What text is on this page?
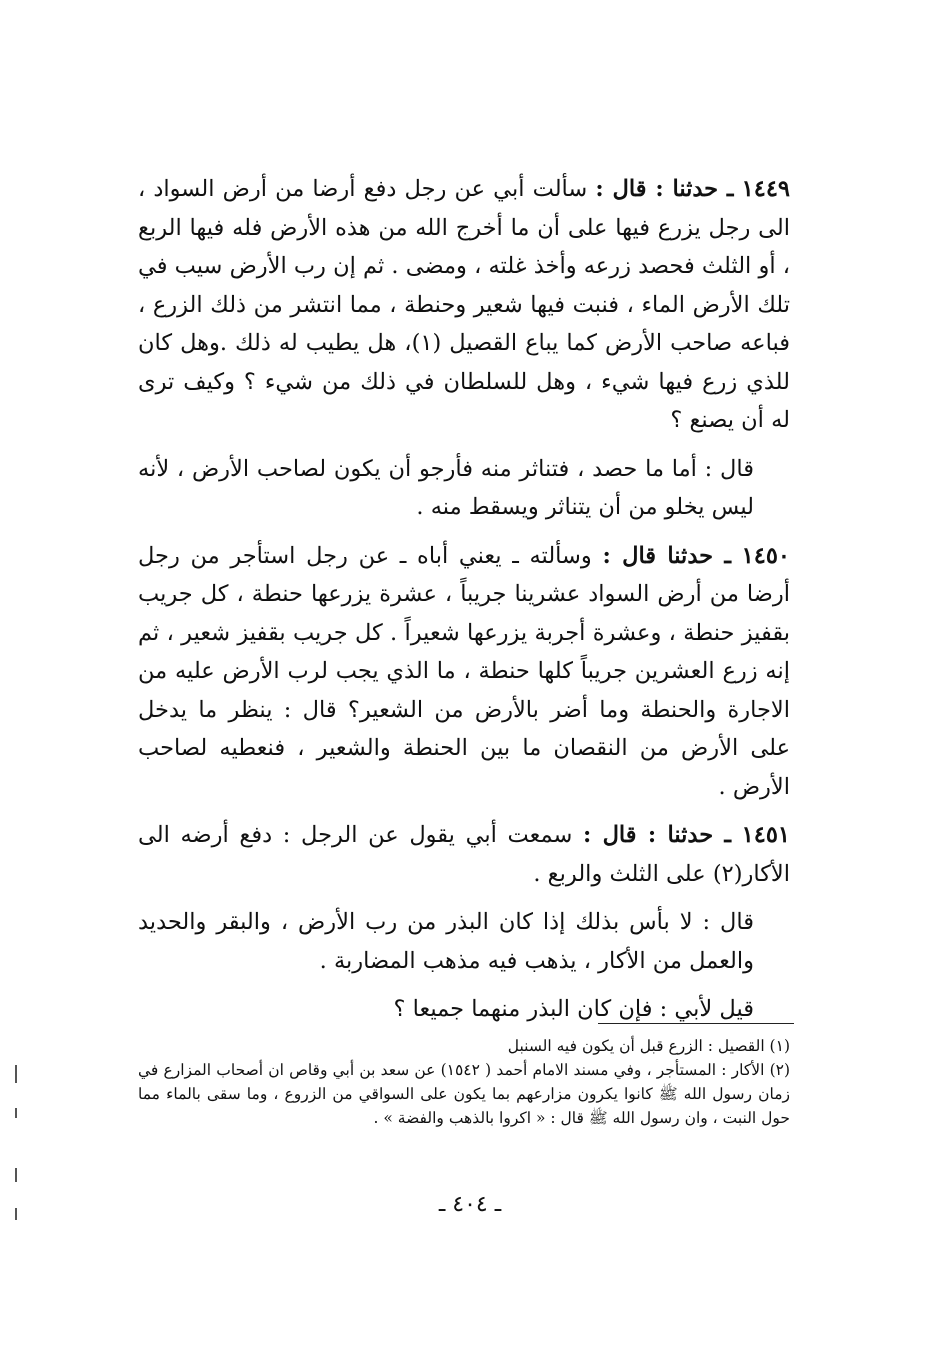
١٤٤٩ ـ حدثنا : قال : سألت أبي عن رجل دفع أرضا من أرض السواد ، الى رجل يزرع فيها على أن ما أخرج الله من هذه الأرض فله فيها الربع ، أو الثلث فحصد زرعه وأخذ غلته ، ومضى . ثم إن رب الأرض سيب في تلك الأرض الماء ، فنبت فيها شعير وحنطة ، مما انتشر من ذلك الزرع ، فباعه صاحب الأرض كما يباع القصيل (١)، هل يطيب له ذلك .وهل كان للذي زرع فيها شيء ، وهل للسلطان في ذلك من شيء ؟ وكيف ترى له أن يصنع ؟

قال : أما ما حصد ، فتناثر منه فأرجو أن يكون لصاحب الأرض ، لأنه ليس يخلو من أن يتناثر ويسقط منه .

١٤٥٠ ـ حدثنا قال : وسألته ـ يعني أباه ـ عن رجل استأجر من رجل أرضا من أرض السواد عشرينا جريباً ، عشرة يزرعها حنطة ، كل جريب بقفيز حنطة ، وعشرة أجربة يزرعها شعيراً . كل جريب بقفيز شعير ، ثم إنه زرع العشرين جريباً كلها حنطة ، ما الذي يجب لرب الأرض عليه من الاجارة والحنطة وما أضر بالأرض من الشعير؟ قال : ينظر ما يدخل على الأرض من النقصان ما بين الحنطة والشعير ، فنعطيه لصاحب الأرض .

١٤٥١ ـ حدثنا : قال : سمعت أبي يقول عن الرجل : دفع أرضه الى الأكار(٢) على الثلث والربع .

قال : لا بأس بذلك إذا كان البذر من رب الأرض ، والبقر والحديد والعمل من الأكار ، يذهب فيه مذهب المضاربة .

قيل لأبي : فإن كان البذر منهما جميعا ؟

(١) القصيل : الزرع قبل أن يكون فيه السنبل

(٢) الأكار : المستأجر ، وفي مسند الامام أحمد ( ١٥٤٢) عن سعد بن أبي وقاص ان أصحاب المزارع في زمان رسول الله ﷺ كانوا يكرون مزارعهم بما يكون على السواقي من الزروع ، وما سقى بالماء مما حول النبت ، وان رسول الله ﷺ قال : « اكروا بالذهب والفضة » .

ـ ٤٠٤ ـ
